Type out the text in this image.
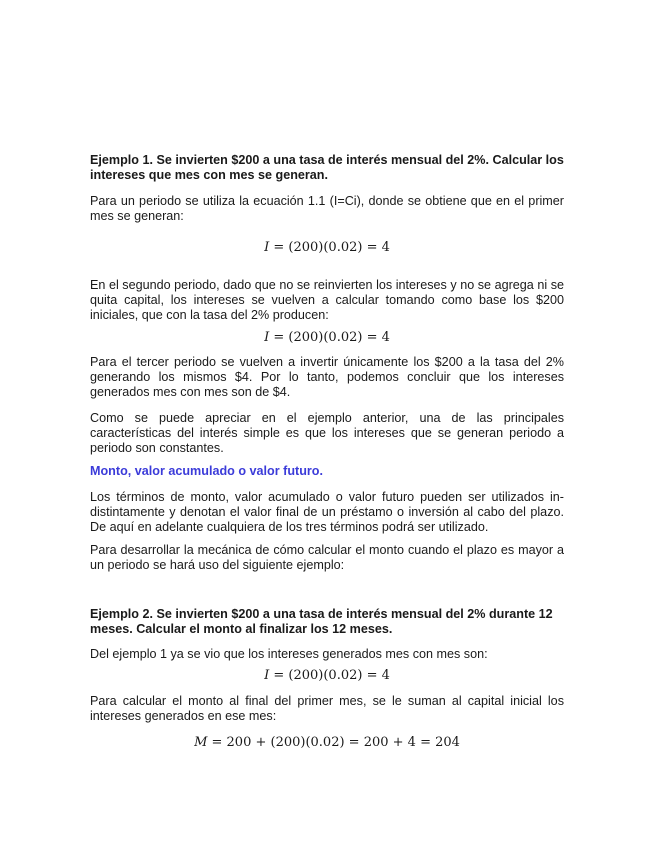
Ejemplo 1. Se invierten $200 a una tasa de interés mensual del 2%. Calcular los intereses que mes con mes se generan.

Para un periodo se utiliza la ecuación 1.1 (I=Ci), donde se obtiene que en el primer mes se generan:

I = (200)(0.02) = 4

En el segundo periodo, dado que no se reinvierten los intereses y no se agrega ni se quita capital, los intereses se vuelven a calcular tomando como base los $200 iniciales, que con la tasa del 2% producen:

I = (200)(0.02) = 4

Para el tercer periodo se vuelven a invertir únicamente los $200 a la tasa del 2% generando los mismos $4. Por lo tanto, podemos concluir que los intereses generados mes con mes son de $4.

Como se puede apreciar en el ejemplo anterior, una de las principales características del interés simple es que los intereses que se generan periodo a periodo son constantes.

Monto, valor acumulado o valor futuro.

Los términos de monto, valor acumulado o valor futuro pueden ser utilizados in-distintamente y denotan el valor final de un préstamo o inversión al cabo del plazo. De aquí en adelante cualquiera de los tres términos podrá ser utilizado.

Para desarrollar la mecánica de cómo calcular el monto cuando el plazo es mayor a un periodo se hará uso del siguiente ejemplo:

Ejemplo 2. Se invierten $200 a una tasa de interés mensual del 2% durante 12 meses. Calcular el monto al finalizar los 12 meses.

Del ejemplo 1 ya se vio que los intereses generados mes con mes son:

I = (200)(0.02) = 4

Para calcular el monto al final del primer mes, se le suman al capital inicial los intereses generados en ese mes:

M = 200 + (200)(0.02) = 200 + 4 = 204
